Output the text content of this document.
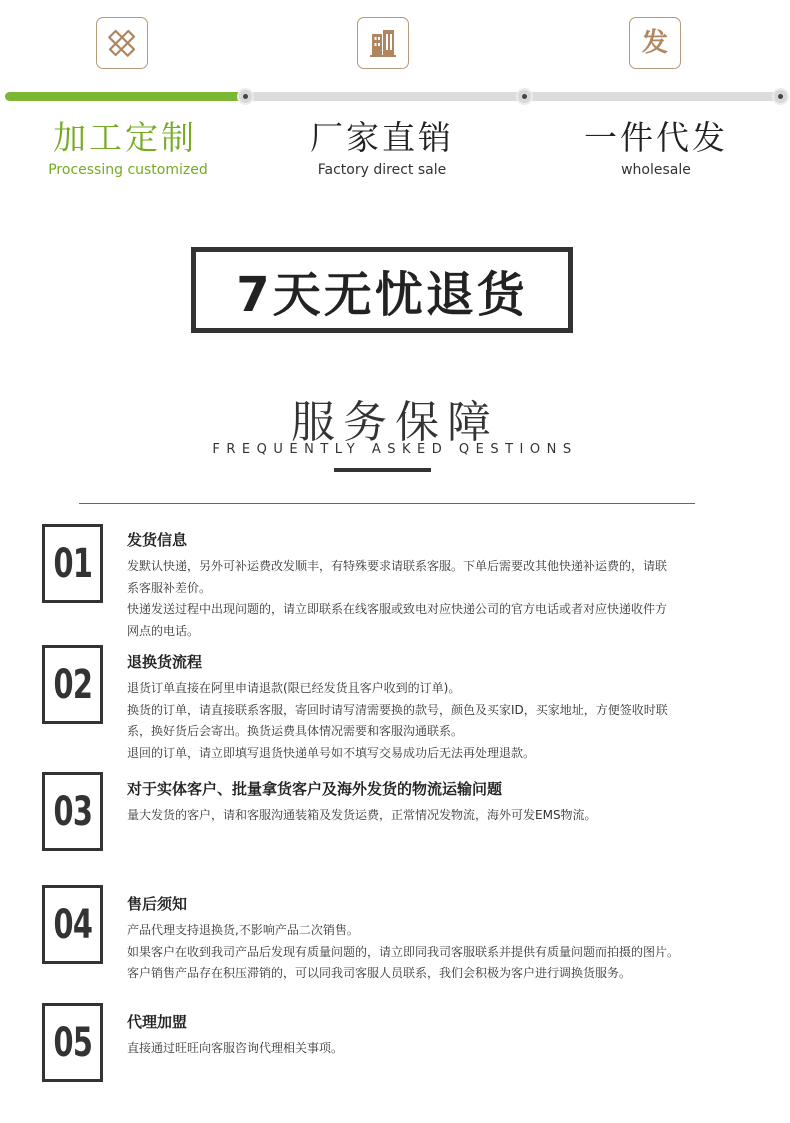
发
加工定制
Processing customized
厂家直销
Factory direct sale
一件代发
wholesale
7天无忧退货
服务保障
FREQUENTLY ASKED QESTIONS
01
发货信息

发默认快递，另外可补运费改发顺丰，有特殊要求请联系客服。下单后需要改其他快递补运费的，请联

系客服补差价。

快递发送过程中出现问题的，请立即联系在线客服或致电对应快递公司的官方电话或者对应快递收件方

网点的电话。

02 退换货流程

退货订单直接在阿里申请退款(限已经发货且客户收到的订单)。

换货的订单，请直接联系客服，寄回时请写清需要换的款号，颜色及买家ID，买家地址，方便签收时联

系，换好货后会寄出。换货运费具体情况需要和客服沟通联系。

退回的订单，请立即填写退货快递单号如不填写交易成功后无法再处理退款。

03 对于实体客户、批量拿货客户及海外发货的物流运输问题

量大发货的客户，请和客服沟通装箱及发货运费，正常情况发物流，海外可发EMS物流。

04 售后须知

产品代理支持退换货,不影响产品二次销售。

如果客户在收到我司产品后发现有质量问题的，请立即同我司客服联系并提供有质量问题而拍摄的图片。

客户销售产品存在积压滞销的，可以同我司客服人员联系，我们会积极为客户进行调换货服务。

05 代理加盟

直接通过旺旺向客服咨询代理相关事项。
